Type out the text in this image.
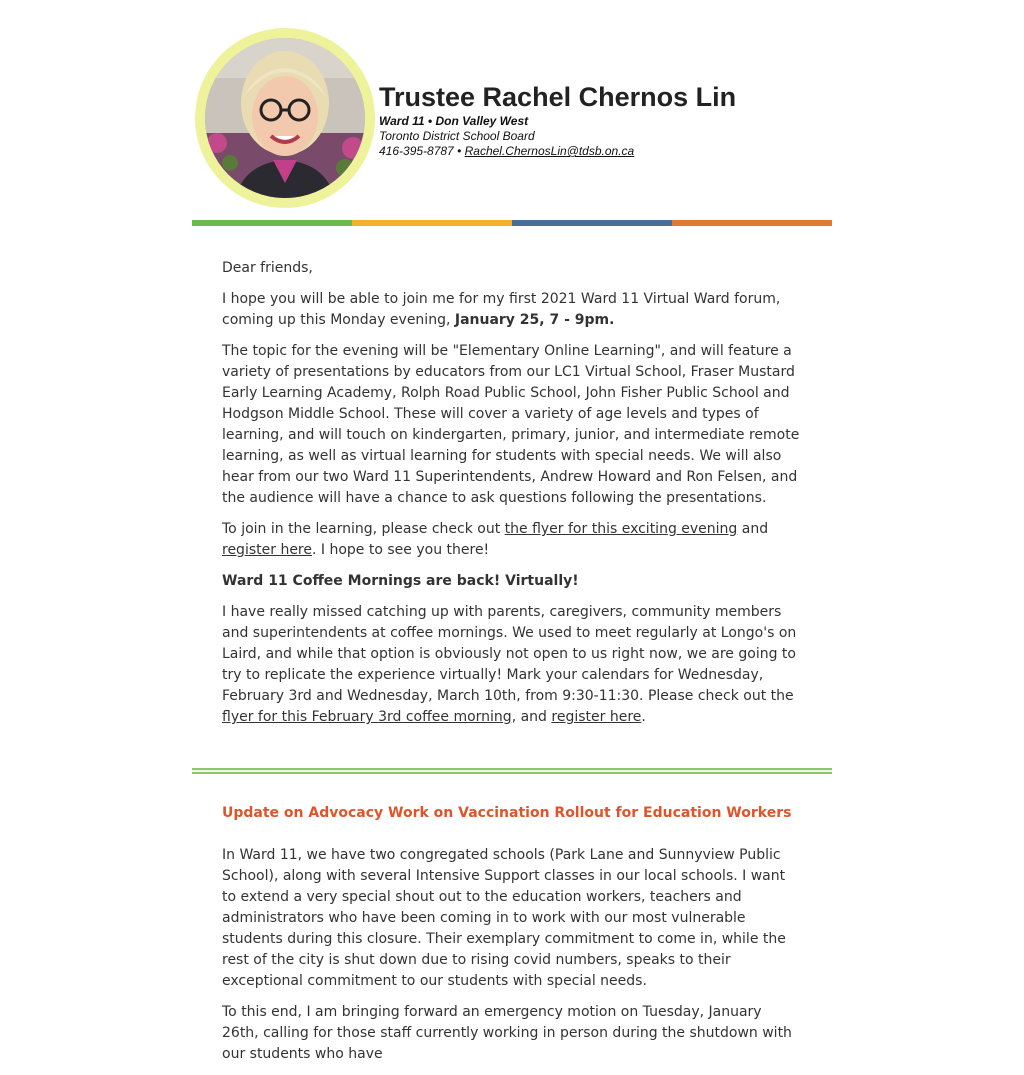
Trustee Rachel Chernos Lin
Ward 11 • Don Valley West
Toronto District School Board
416-395-8787 • Rachel.ChernosLin@tdsb.on.ca

Dear friends,

I hope you will be able to join me for my first 2021 Ward 11 Virtual Ward forum, coming up this Monday evening, January 25, 7 - 9pm.

The topic for the evening will be "Elementary Online Learning", and will feature a variety of presentations by educators from our LC1 Virtual School, Fraser Mustard Early Learning Academy, Rolph Road Public School, John Fisher Public School and Hodgson Middle School. These will cover a variety of age levels and types of learning, and will touch on kindergarten, primary, junior, and intermediate remote learning, as well as virtual learning for students with special needs. We will also hear from our two Ward 11 Superintendents, Andrew Howard and Ron Felsen, and the audience will have a chance to ask questions following the presentations.

To join in the learning, please check out the flyer for this exciting evening and register here. I hope to see you there!

Ward 11 Coffee Mornings are back! Virtually!

I have really missed catching up with parents, caregivers, community members and superintendents at coffee mornings. We used to meet regularly at Longo's on Laird, and while that option is obviously not open to us right now, we are going to try to replicate the experience virtually! Mark your calendars for Wednesday, February 3rd and Wednesday, March 10th, from 9:30-11:30. Please check out the flyer for this February 3rd coffee morning, and register here.

Update on Advocacy Work on Vaccination Rollout for Education Workers

In Ward 11, we have two congregated schools (Park Lane and Sunnyview Public School), along with several Intensive Support classes in our local schools. I want to extend a very special shout out to the education workers, teachers and administrators who have been coming in to work with our most vulnerable students during this closure. Their exemplary commitment to come in, while the rest of the city is shut down due to rising covid numbers, speaks to their exceptional commitment to our students with special needs.

To this end, I am bringing forward an emergency motion on Tuesday, January 26th, calling for those staff currently working in person during the shutdown with our students who have
